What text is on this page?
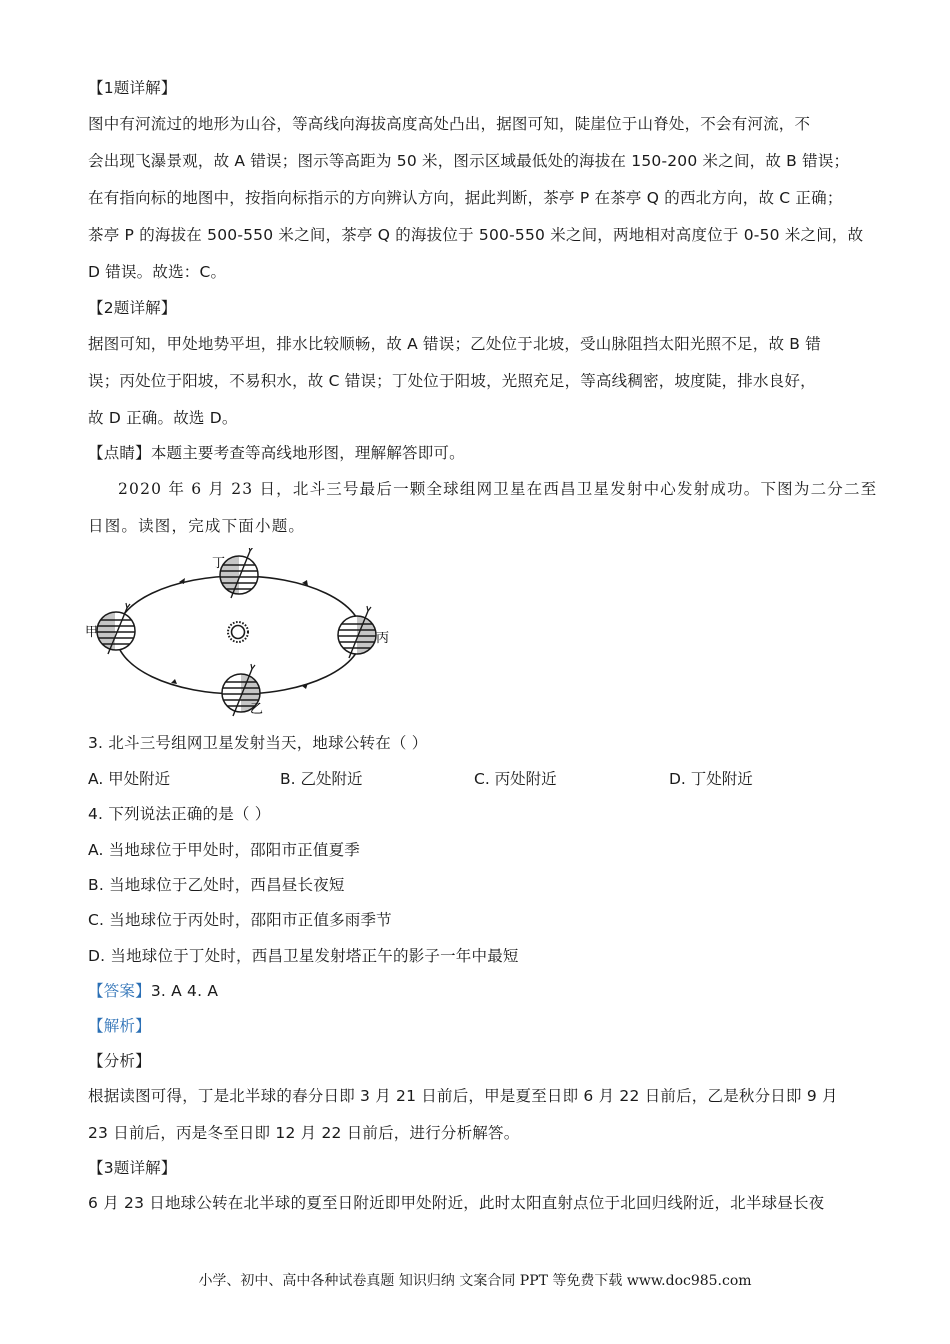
【1题详解】
图中有河流过的地形为山谷，等高线向海拔高度高处凸出，据图可知，陡崖位于山脊处，不会有河流，不
会出现飞瀑景观，故 A 错误；图示等高距为 50 米，图示区域最低处的海拔在 150-200 米之间，故 B 错误；
在有指向标的地图中，按指向标指示的方向辨认方向，据此判断，茶亭 P 在茶亭 Q 的西北方向，故 C 正确；
茶亭 P 的海拔在 500-550 米之间，茶亭 Q 的海拔位于 500-550 米之间，两地相对高度位于 0-50 米之间，故
D 错误。故选：C。
【2题详解】
据图可知，甲处地势平坦，排水比较顺畅，故 A 错误；乙处位于北坡，受山脉阻挡太阳光照不足，故 B 错
误；丙处位于阳坡，不易积水，故 C 错误；丁处位于阳坡，光照充足，等高线稠密，坡度陡，排水良好，
故 D 正确。故选 D。
【点睛】本题主要考查等高线地形图，理解解答即可。
2020 年 6 月 23 日，北斗三号最后一颗全球组网卫星在西昌卫星发射中心发射成功。下图为二分二至
日图。读图，完成下面小题。
丁
甲	丙
乙
3. 北斗三号组网卫星发射当天，地球公转在（ ）
A. 甲处附近	B. 乙处附近	C. 丙处附近	D. 丁处附近
4. 下列说法正确的是（ ）
A. 当地球位于甲处时，邵阳市正值夏季
B. 当地球位于乙处时，西昌昼长夜短
C. 当地球位于丙处时，邵阳市正值多雨季节
D. 当地球位于丁处时，西昌卫星发射塔正午的影子一年中最短
【答案】3. A 4. A
【解析】
【分析】
根据读图可得，丁是北半球的春分日即 3 月 21 日前后，甲是夏至日即 6 月 22 日前后，乙是秋分日即 9 月
23 日前后，丙是冬至日即 12 月 22 日前后，进行分析解答。
【3题详解】
6 月 23 日地球公转在北半球的夏至日附近即甲处附近，此时太阳直射点位于北回归线附近，北半球昼长夜
小学、初中、高中各种试卷真题 知识归纳 文案合同 PPT 等免费下载 www.doc985.com
